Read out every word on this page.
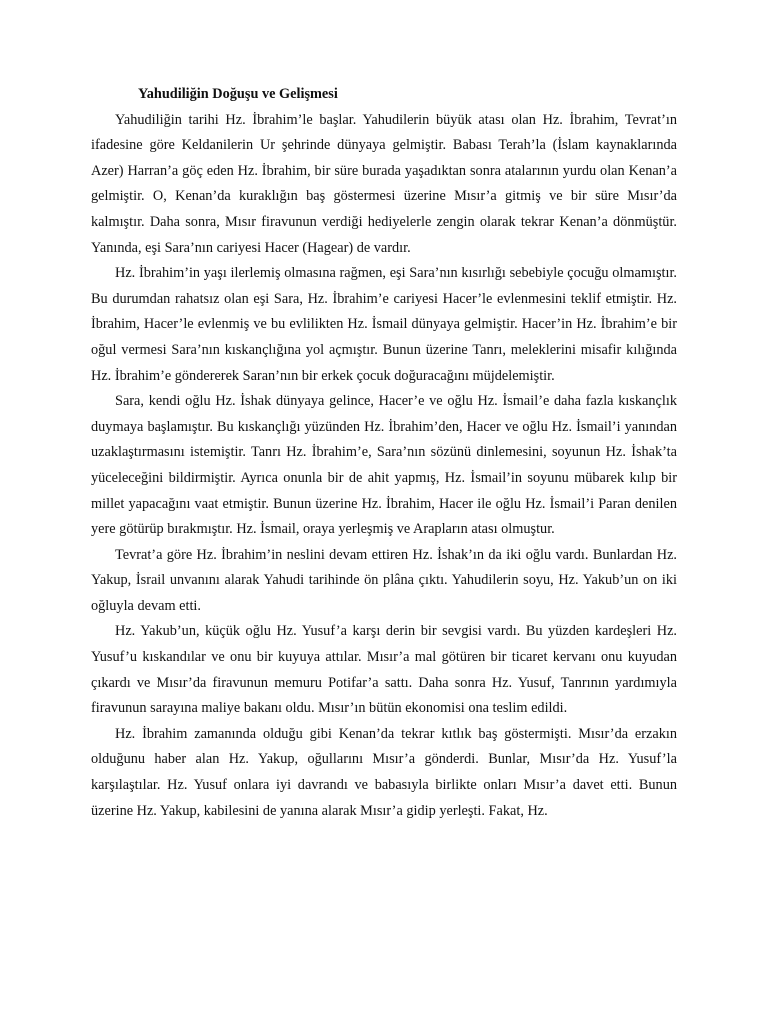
Yahudiliğin Doğuşu ve Gelişmesi

Yahudiliğin tarihi Hz. İbrahim’le başlar. Yahudilerin büyük atası olan Hz. İbrahim, Tevrat’ın ifadesine göre Keldanilerin Ur şehrinde dünyaya gelmiştir. Babası Terah’la (İslam kaynaklarında Azer) Harran’a göç eden Hz. İbrahim, bir süre burada yaşadıktan sonra atalarının yurdu olan Kenan’a gelmiştir. O, Kenan’da kuraklığın baş göstermesi üzerine Mısır’a gitmiş ve bir süre Mısır’da kalmıştır. Daha sonra, Mısır firavunun verdiği hediyelerle zengin olarak tekrar Kenan’a dönmüştür. Yanında, eşi Sara’nın cariyesi Hacer (Hagear) de vardır.

Hz. İbrahim’in yaşı ilerlemiş olmasına rağmen, eşi Sara’nın kısırlığı sebebiyle çocuğu olmamıştır. Bu durumdan rahatsız olan eşi Sara, Hz. İbrahim’e cariyesi Hacer’le evlenmesini teklif etmiştir. Hz. İbrahim, Hacer’le evlenmiş ve bu evlilikten Hz. İsmail dünyaya gelmiştir. Hacer’in Hz. İbrahim’e bir oğul vermesi Sara’nın kıskançlığına yol açmıştır. Bunun üzerine Tanrı, meleklerini misafir kılığında Hz. İbrahim’e göndererek Saran’nın bir erkek çocuk doğuracağını müjdelemiştir.

Sara, kendi oğlu Hz. İshak dünyaya gelince, Hacer’e ve oğlu Hz. İsmail’e daha fazla kıskançlık duymaya başlamıştır. Bu kıskançlığı yüzünden Hz. İbrahim’den, Hacer ve oğlu Hz. İsmail’i yanından uzaklaştırmasını istemiştir. Tanrı Hz. İbrahim’e, Sara’nın sözünü dinlemesini, soyunun Hz. İshak’ta yüceleceğini bildirmiştir. Ayrıca onunla bir de ahit yapmış, Hz. İsmail’in soyunu mübarek kılıp bir millet yapacağını vaat etmiştir. Bunun üzerine Hz. İbrahim, Hacer ile oğlu Hz. İsmail’i Paran denilen yere götürüp bırakmıştır. Hz. İsmail, oraya yerleşmiş ve Arapların atası olmuştur.

Tevrat’a göre Hz. İbrahim’in neslini devam ettiren Hz. İshak’ın da iki oğlu vardı. Bunlardan Hz. Yakup, İsrail unvanını alarak Yahudi tarihinde ön plâna çıktı. Yahudilerin soyu, Hz. Yakub’un on iki oğluyla devam etti.

Hz. Yakub’un, küçük oğlu Hz. Yusuf’a karşı derin bir sevgisi vardı. Bu yüzden kardeşleri Hz. Yusuf’u kıskandılar ve onu bir kuyuya attılar. Mısır’a mal götüren bir ticaret kervanı onu kuyudan çıkardı ve Mısır’da firavunun memuru Potifar’a sattı. Daha sonra Hz. Yusuf, Tanrının yardımıyla firavunun sarayına maliye bakanı oldu. Mısır’ın bütün ekonomisi ona teslim edildi.

Hz. İbrahim zamanında olduğu gibi Kenan’da tekrar kıtlık baş göstermişti. Mısır’da erzakın olduğunu haber alan Hz. Yakup, oğullarını Mısır’a gönderdi. Bunlar, Mısır’da Hz. Yusuf’la karşılaştılar. Hz. Yusuf onlara iyi davrandı ve babasıyla birlikte onları Mısır’a davet etti. Bunun üzerine Hz. Yakup, kabilesini de yanına alarak Mısır’a gidip yerleşti. Fakat, Hz.
